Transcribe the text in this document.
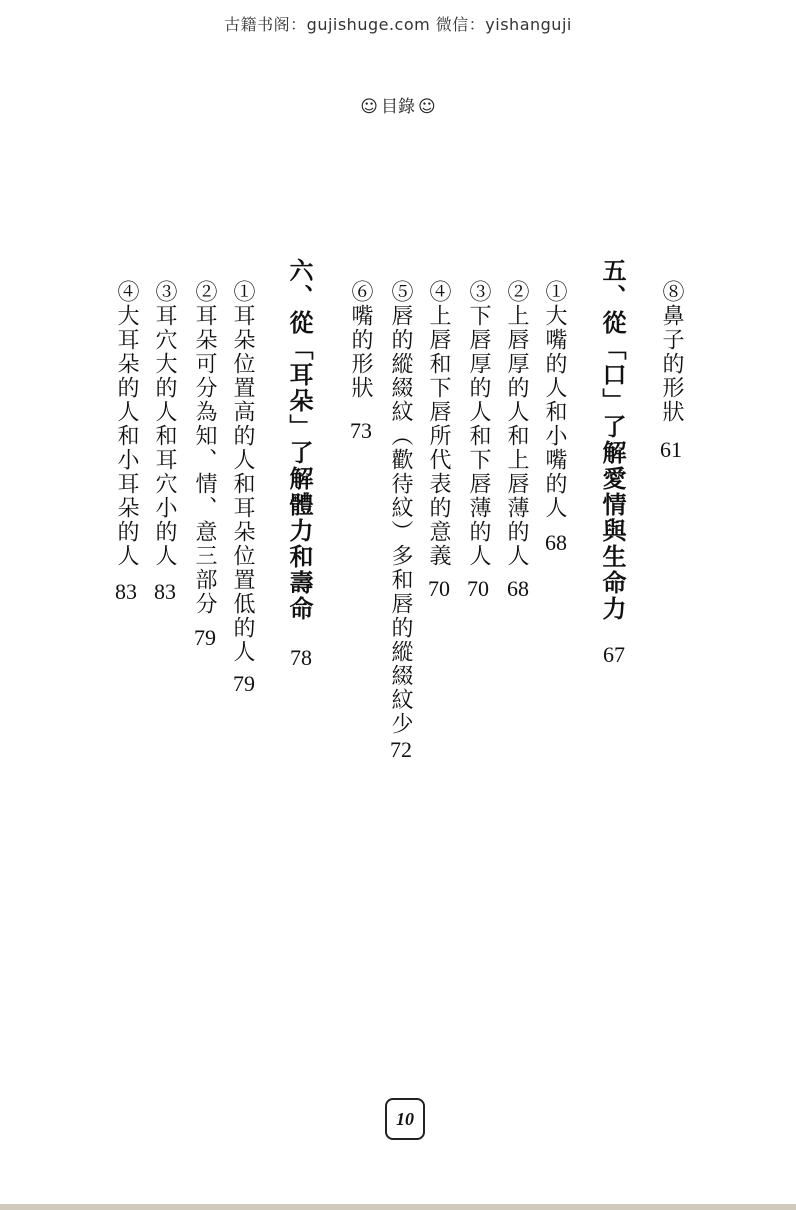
古籍书阁：gujishuge.com 微信：yishanguji
☺ 目錄 ☺
⑧鼻子的形狀
61
五、從「口」了解愛情與生命力
67
①大嘴的人和小嘴的人
68
②上唇厚的人和上唇薄的人
68
③下唇厚的人和下唇薄的人
70
④上唇和下唇所代表的意義
70
⑤唇的縱綴紋（歡待紋）多和唇的縱綴紋少
72
⑥嘴的形狀
73
六、從「耳朵」了解體力和壽命
78
①耳朵位置高的人和耳朵位置低的人
79
②耳朵可分為知、情、意三部分
79
③耳穴大的人和耳穴小的人
83
④大耳朵的人和小耳朵的人
83
10
